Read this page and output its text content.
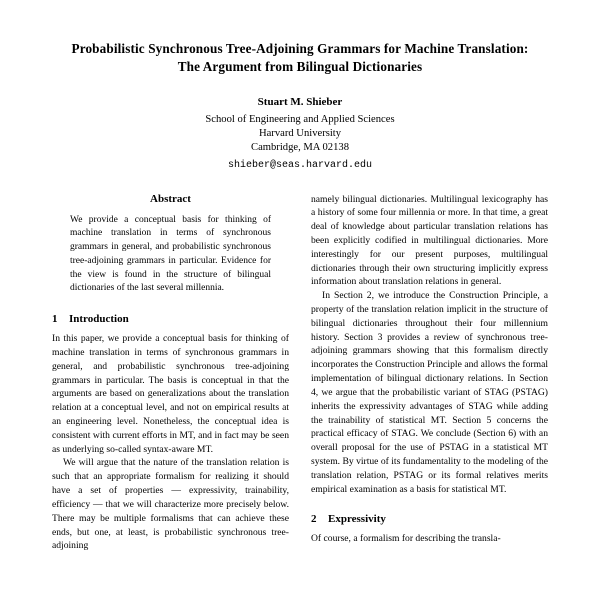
Probabilistic Synchronous Tree-Adjoining Grammars for Machine Translation: The Argument from Bilingual Dictionaries
Stuart M. Shieber
School of Engineering and Applied Sciences
Harvard University
Cambridge, MA 02138
shieber@seas.harvard.edu
Abstract
We provide a conceptual basis for thinking of machine translation in terms of synchronous grammars in general, and probabilistic synchronous tree-adjoining grammars in particular. Evidence for the view is found in the structure of bilingual dictionaries of the last several millennia.
1 Introduction

In this paper, we provide a conceptual basis for thinking of machine translation in terms of synchronous grammars in general, and probabilistic synchronous tree-adjoining grammars in particular. The basis is conceptual in that the arguments are based on generalizations about the translation relation at a conceptual level, and not on empirical results at an engineering level. Nonetheless, the conceptual idea is consistent with current efforts in MT, and in fact may be seen as underlying so-called syntax-aware MT.

We will argue that the nature of the translation relation is such that an appropriate formalism for realizing it should have a set of properties — expressivity, trainability, efficiency — that we will characterize more precisely below. There may be multiple formalisms that can achieve these ends, but one, at least, is probabilistic synchronous tree-adjoining

namely bilingual dictionaries. Multilingual lexicography has a history of some four millennia or more. In that time, a great deal of knowledge about particular translation relations has been explicitly codified in multilingual dictionaries. More interestingly for our present purposes, multilingual dictionaries through their own structuring implicitly express information about translation relations in general.

In Section 2, we introduce the Construction Principle, a property of the translation relation implicit in the structure of bilingual dictionaries throughout their four millennium history. Section 3 provides a review of synchronous tree-adjoining grammars showing that this formalism directly incorporates the Construction Principle and allows the formal implementation of bilingual dictionary relations. In Section 4, we argue that the probabilistic variant of STAG (PSTAG) inherits the expressivity advantages of STAG while adding the trainability of statistical MT. Section 5 concerns the practical efficacy of STAG. We conclude (Section 6) with an overall proposal for the use of PSTAG in a statistical MT system. By virtue of its fundamentality to the modeling of the translation relation, PSTAG or its formal relatives merits empirical examination as a basis for statistical MT.

2 Expressivity

Of course, a formalism for describing the transla-
